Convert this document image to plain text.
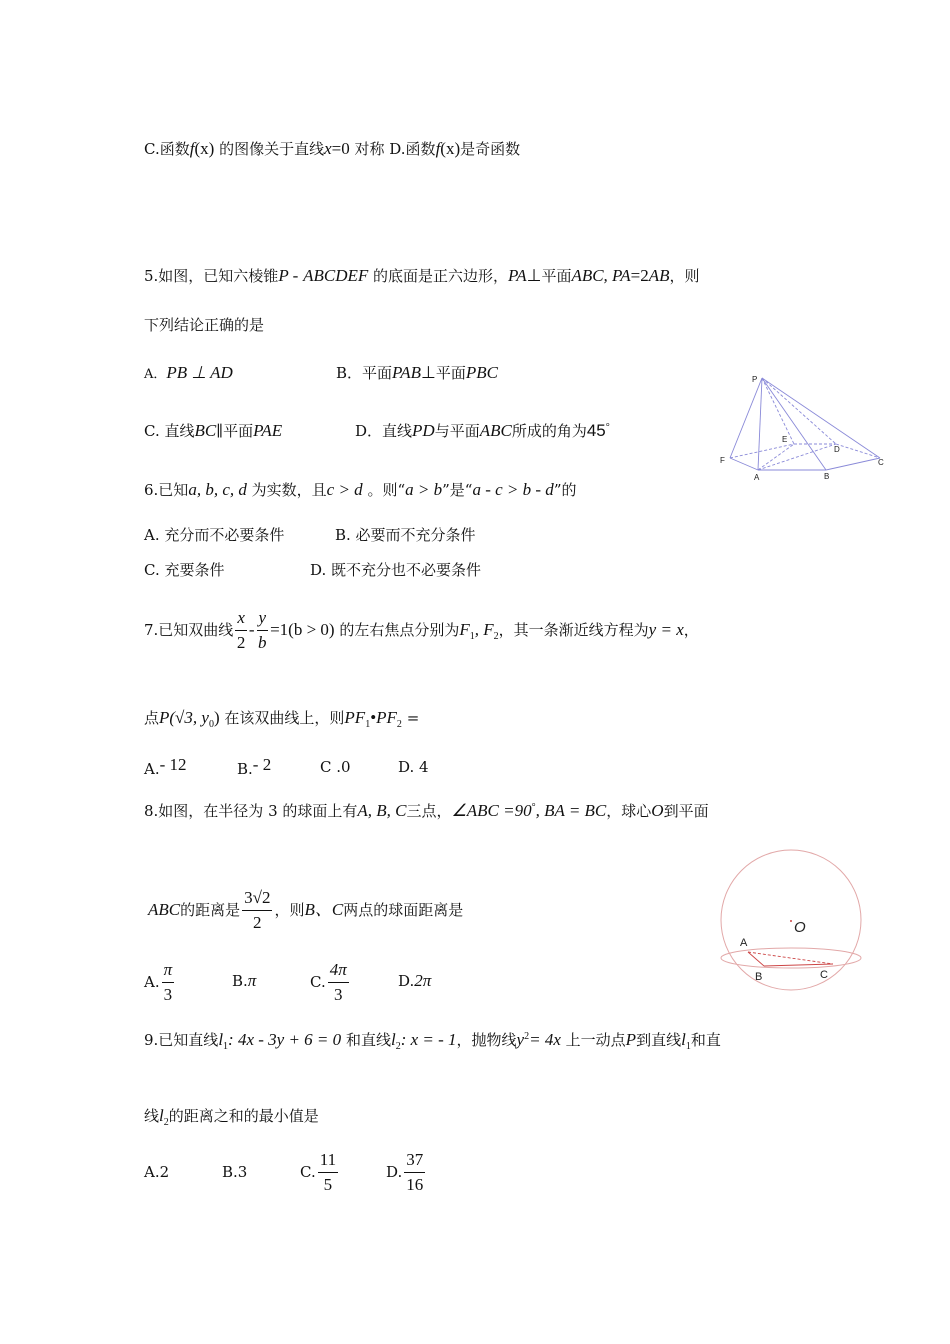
C.函数f(x) 的图像关于直线x=0 对称 D.函数f(x)是奇函数
5.如图，已知六棱锥P - ABCDEF 的底面是正六边形，PA⊥平面ABC, PA=2AB，则
下列结论正确的是
A．PB ⊥ AD	B．平面PAB⊥平面PBC
C. 直线BC∥平面PAE	D．直线PD与平面ABC所成的角为45°
P
E
D
F
A	B
C
6.已知a, b, c, d 为实数，且c > d 。则“a > b”是“a - c > b - d”的
A. 充分而不必要条件	B. 必要而不充分条件
C. 充要条件	D. 既不充分也不必要条件
7.已知双曲线 $\frac{x}{2} - \frac{y}{b} =1(b > 0)$ 的左右焦点分别为$F_1$, $F_2$，其一条渐近线方程为y = x，
点P(√3, $y_0$) 在该双曲线上，则$PF_1•PF_2$ =
A.- 12	B.- 2	C .0	D. 4
8.如图，在半径为 3 的球面上有A, B, C三点，∠ABC =90°, BA = BC，球心O到平面
ABC的距离是 $\frac{3√2}{2}$ ，则B、C两点的球面距离是
A. $\frac{\pi}{3}$	B.π	C. $\frac{4\pi}{3}$	D.2π
O
A
B	C
9.已知直线$l_1$: 4x - 3y + 6 = 0 和直线$l_2$: x = - 1，抛物线$y^2= 4x$ 上一动点P到直线$l_1$和直
线$l_2$的距离之和的最小值是
A.2	B.3	C. $\frac{11}{5}$	D. $\frac{37}{16}$
